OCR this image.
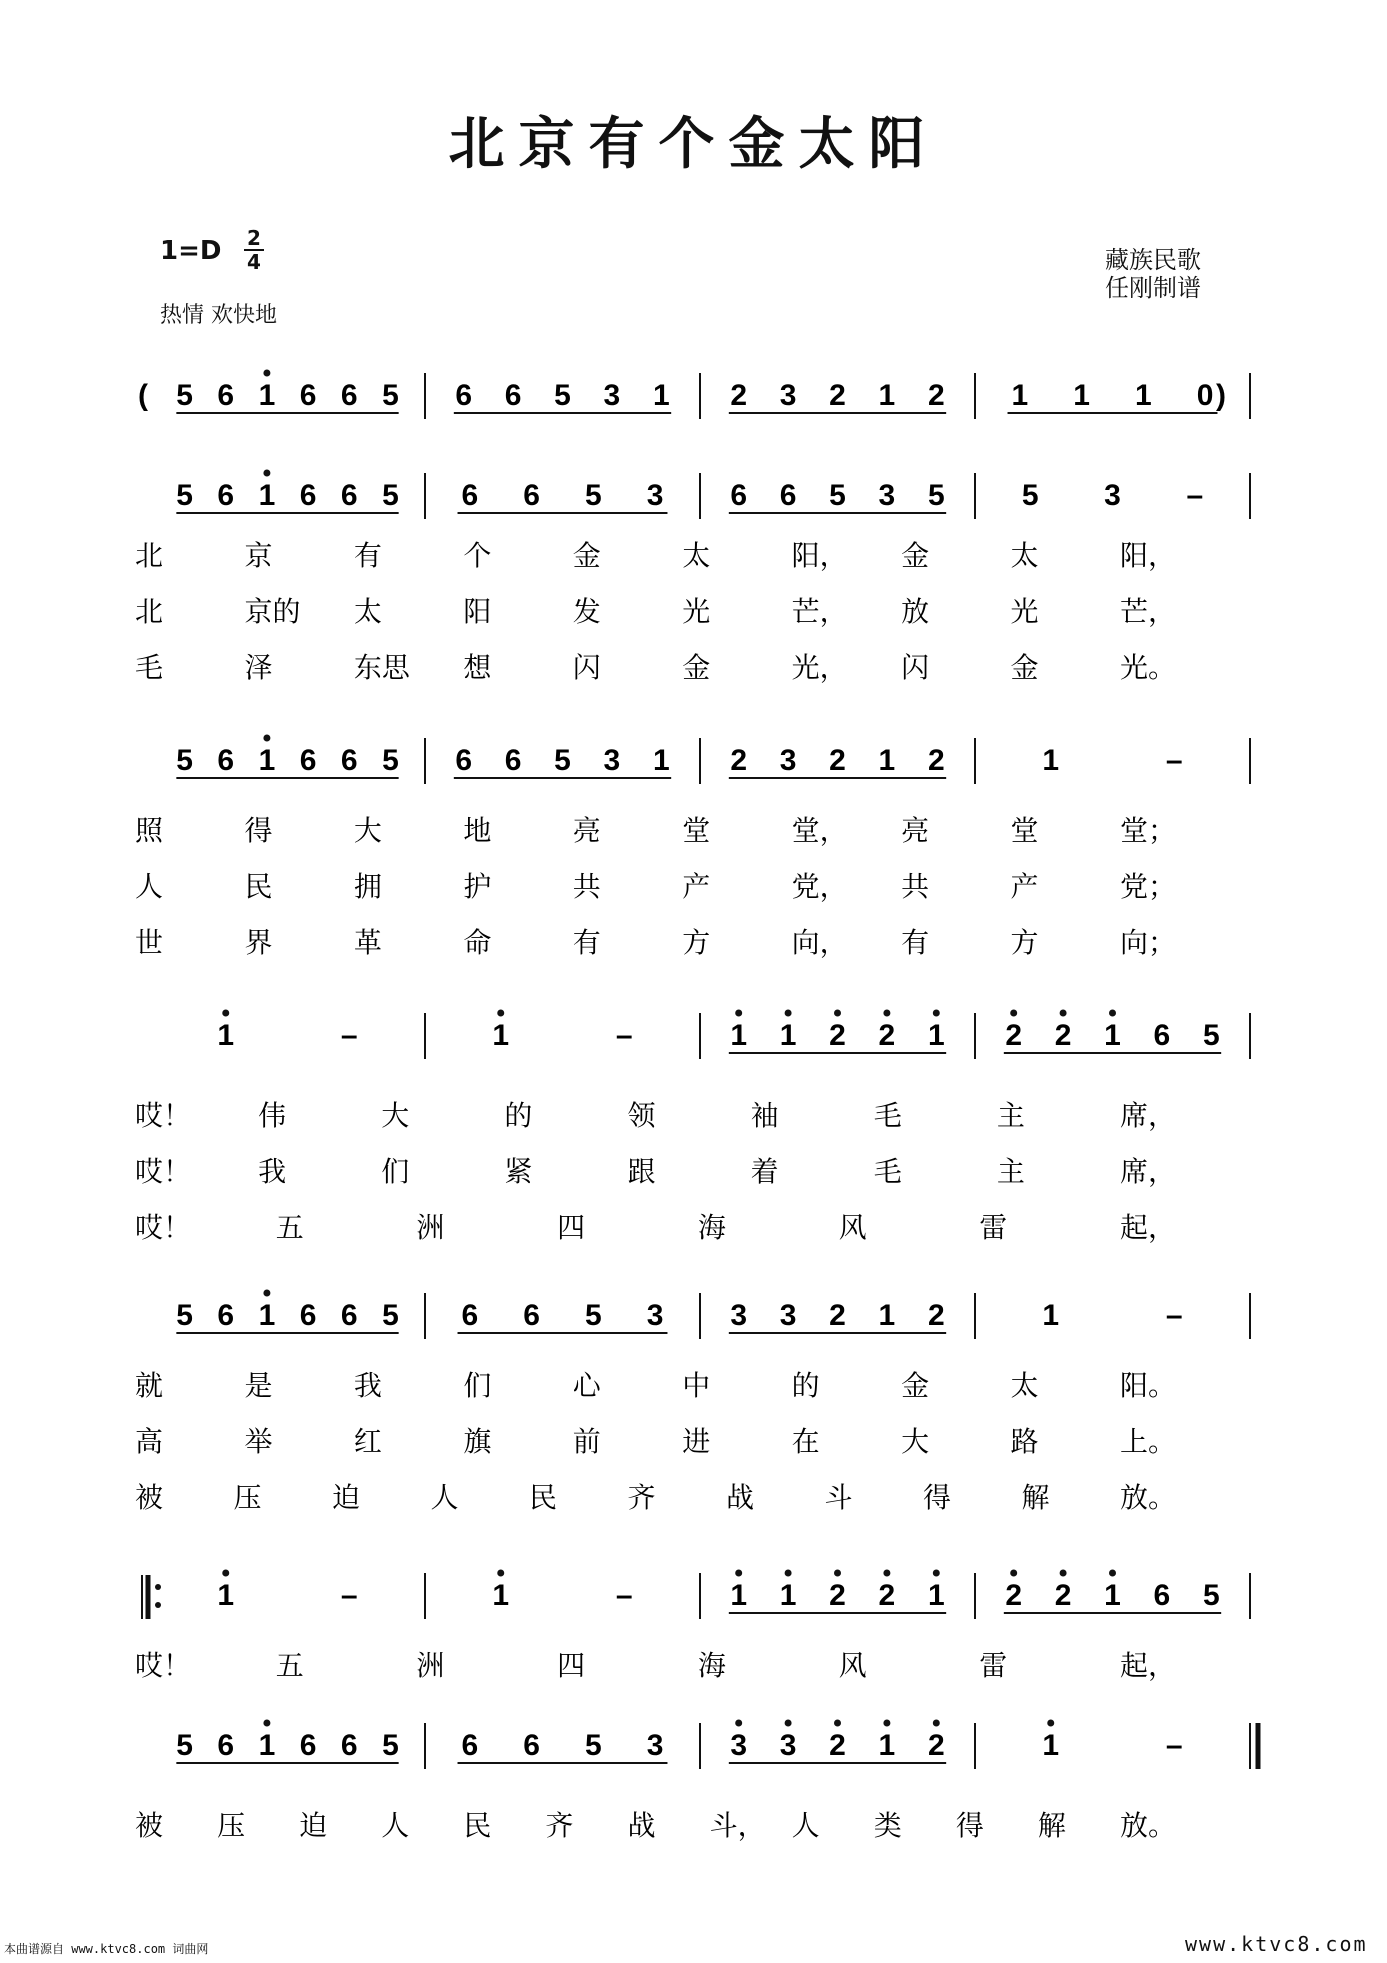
北京有个金太阳
1=D 2
4
热情 欢快地
藏族民歌
任刚制谱
( 5 6 1 6 6 5 6 6 5 3 1 2 3 2 1 2 1 1 1 0 )
5 6 1 6 6 5 6 6 5 3 6 6 5 3 5	5 3 –
北	京	有	个	金	太	阳， 金	太	阳，
北	京的 太	阳	发	光	芒， 放	光	芒，
毛	泽	东思 想	闪	金	光， 闪	金	光。
5 6 1 6 6 5 6 6 5 3 1 2 3 2 1 2	1	–
照	得	大	地	亮	堂	堂， 亮	堂	堂；
人	民	拥	护	共	产	党， 共	产	党；
世	界	革	命	有	方	向， 有	方	向；
1	–	1	–	1 1 2 2 1 2 2 1 6 5
哎！ 伟	大	的	领	袖	毛	主	席，
哎！ 我	们	紧	跟	着	毛	主	席，
哎！	五	洲	四	海	风	雷	起，
5 6 1 6 6 5 6 6 5 3 3 3 2 1 2	1	–
就	是	我	们	心	中	的	金	太	阳。
高	举	红	旗	前	进	在	大	路	上。
被	压	迫	人	民	齐	战	斗	得	解	放。
1	–	1	–	1 1 2 2 1 2 2 1 6 5
哎！	五	洲	四	海	风	雷	起，
5 6 1 6 6 5 6 6 5 3 3 3 2 1 2	1	–
被 压 迫 人 民 齐 战 斗， 人 类 得 解 放。
本曲谱源自 www.ktvc8.com 词曲网	www.ktvc8.com
